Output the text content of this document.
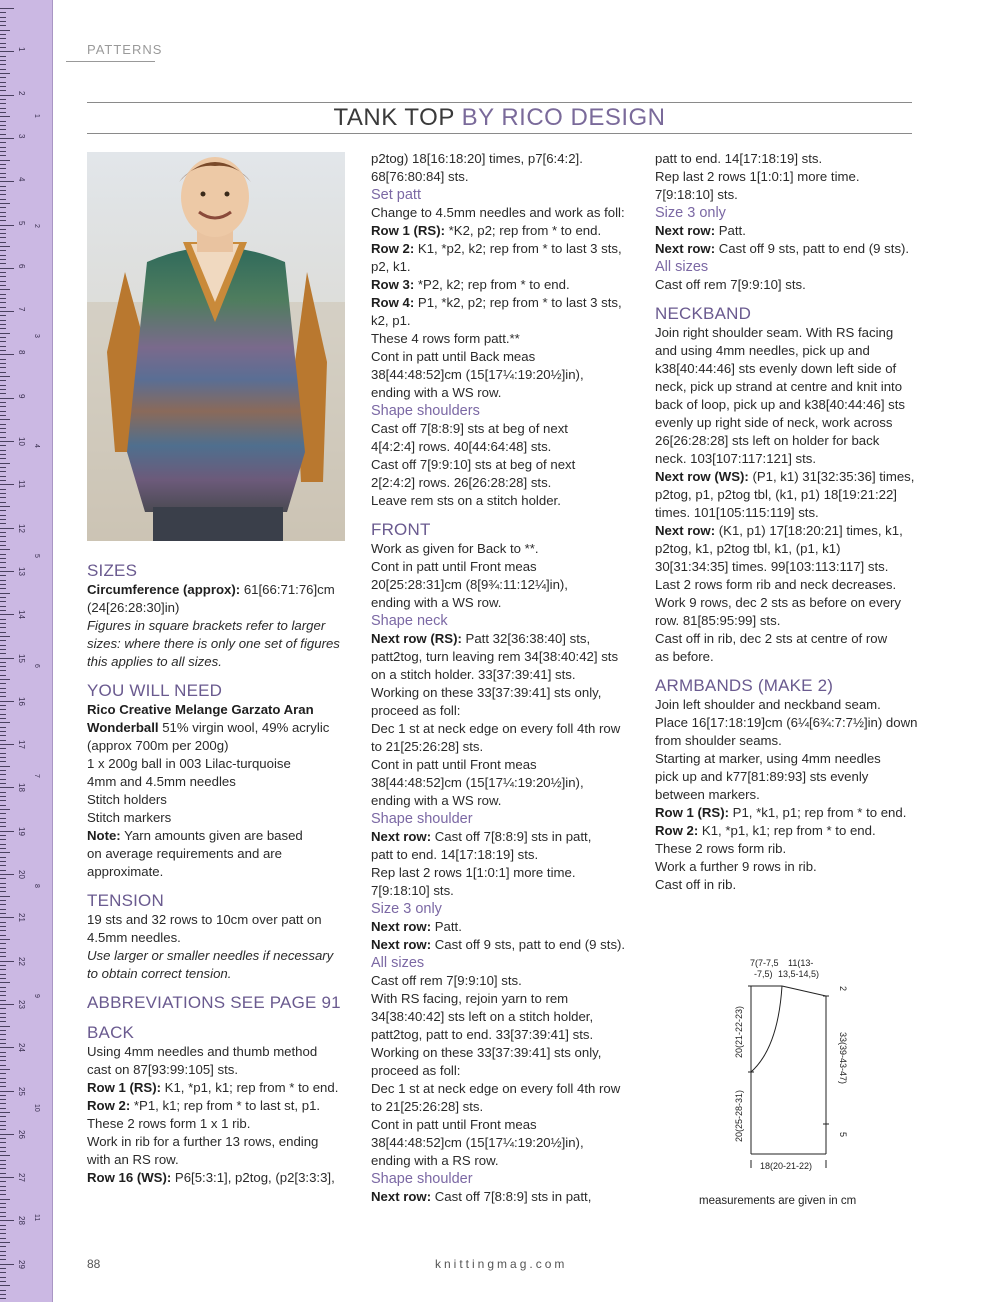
1
2
3
4
5
6
7
8
9
10
11
12
13
14
15
16
17
18
19
20
21
22
23
24
25
26
27
28
29
1
2
3
4
5
6
7
8
9
10
11
PATTERNS
TANK TOP BY RICO DESIGN
SIZES
Circumference (approx): 61[66:71:76]cm
(24[26:28:30]in)
Figures in square brackets refer to larger
sizes: where there is only one set of figures
this applies to all sizes.
YOU WILL NEED
Rico Creative Melange Garzato Aran
Wonderball 51% virgin wool, 49% acrylic
(approx 700m per 200g)
1 x 200g ball in 003 Lilac-turquoise
4mm and 4.5mm needles
Stitch holders
Stitch markers
Note: Yarn amounts given are based
on average requirements and are
approximate.
TENSION
19 sts and 32 rows to 10cm over patt on
4.5mm needles.
Use larger or smaller needles if necessary
to obtain correct tension.
ABBREVIATIONS SEE PAGE 91
BACK
Using 4mm needles and thumb method
cast on 87[93:99:105] sts.
Row 1 (RS): K1, *p1, k1; rep from * to end.
Row 2: *P1, k1; rep from * to last st, p1.
These 2 rows form 1 x 1 rib.
Work in rib for a further 13 rows, ending
with an RS row.
Row 16 (WS): P6[5:3:1], p2tog, (p2[3:3:3],
p2tog) 18[16:18:20] times, p7[6:4:2].
68[76:80:84] sts.
Set patt
Change to 4.5mm needles and work as foll:
Row 1 (RS): *K2, p2; rep from * to end.
Row 2: K1, *p2, k2; rep from * to last 3 sts,
p2, k1.
Row 3: *P2, k2; rep from * to end.
Row 4: P1, *k2, p2; rep from * to last 3 sts,
k2, p1.
These 4 rows form patt.**
Cont in patt until Back meas
38[44:48:52]cm (15[17¼:19:20½]in),
ending with a WS row.
Shape shoulders
Cast off 7[8:8:9] sts at beg of next
4[4:2:4] rows. 40[44:64:48] sts.
Cast off 7[9:9:10] sts at beg of next
2[2:4:2] rows. 26[26:28:28] sts.
Leave rem sts on a stitch holder.
FRONT
Work as given for Back to **.
Cont in patt until Front meas
20[25:28:31]cm (8[9¾:11:12¼]in),
ending with a WS row.
Shape neck
Next row (RS): Patt 32[36:38:40] sts,
patt2tog, turn leaving rem 34[38:40:42] sts
on a stitch holder. 33[37:39:41] sts.
Working on these 33[37:39:41] sts only,
proceed as foll:
Dec 1 st at neck edge on every foll 4th row
to 21[25:26:28] sts.
Cont in patt until Front meas
38[44:48:52]cm (15[17¼:19:20½]in),
ending with a WS row.
Shape shoulder
Next row: Cast off 7[8:8:9] sts in patt,
patt to end. 14[17:18:19] sts.
Rep last 2 rows 1[1:0:1] more time.
7[9:18:10] sts.
Size 3 only
Next row: Patt.
Next row: Cast off 9 sts, patt to end (9 sts).
All sizes
Cast off rem 7[9:9:10] sts.
With RS facing, rejoin yarn to rem
34[38:40:42] sts left on a stitch holder,
patt2tog, patt to end. 33[37:39:41] sts.
Working on these 33[37:39:41] sts only,
proceed as foll:
Dec 1 st at neck edge on every foll 4th row
to 21[25:26:28] sts.
Cont in patt until Front meas
38[44:48:52]cm (15[17¼:19:20½]in),
ending with a RS row.
Shape shoulder
Next row: Cast off 7[8:8:9] sts in patt,
patt to end. 14[17:18:19] sts.
Rep last 2 rows 1[1:0:1] more time.
7[9:18:10] sts.
Size 3 only
Next row: Patt.
Next row: Cast off 9 sts, patt to end (9 sts).
All sizes
Cast off rem 7[9:9:10] sts.
NECKBAND
Join right shoulder seam. With RS facing
and using 4mm needles, pick up and
k38[40:44:46] sts evenly down left side of
neck, pick up strand at centre and knit into
back of loop, pick up and k38[40:44:46] sts
evenly up right side of neck, work across
26[26:28:28] sts left on holder for back
neck. 103[107:117:121] sts.
Next row (WS): (P1, k1) 31[32:35:36] times,
p2tog, p1, p2tog tbl, (k1, p1) 18[19:21:22]
times. 101[105:115:119] sts.
Next row: (K1, p1) 17[18:20:21] times, k1,
p2tog, k1, p2tog tbl, k1, (p1, k1)
30[31:34:35] times. 99[103:113:117] sts.
Last 2 rows form rib and neck decreases.
Work 9 rows, dec 2 sts as before on every
row. 81[85:95:99] sts.
Cast off in rib, dec 2 sts at centre of row
as before.
ARMBANDS (MAKE 2)
Join left shoulder and neckband seam.
Place 16[17:18:19]cm (6¼[6¾:7:7½]in) down
from shoulder seams.
Starting at marker, using 4mm needles
pick up and k77[81:89:93] sts evenly
between markers.
Row 1 (RS): P1, *k1, p1; rep from * to end.
Row 2: K1, *p1, k1; rep from * to end.
These 2 rows form rib.
Work a further 9 rows in rib.
Cast off in rib.
7(7-7,5
-7,5)
11(13-
13,5-14,5)
20(21-22-23)
20(25-28-31)
2
33(39-43-47)
5
18(20-21-22)
measurements are given in cm
88	knittingmag.com
